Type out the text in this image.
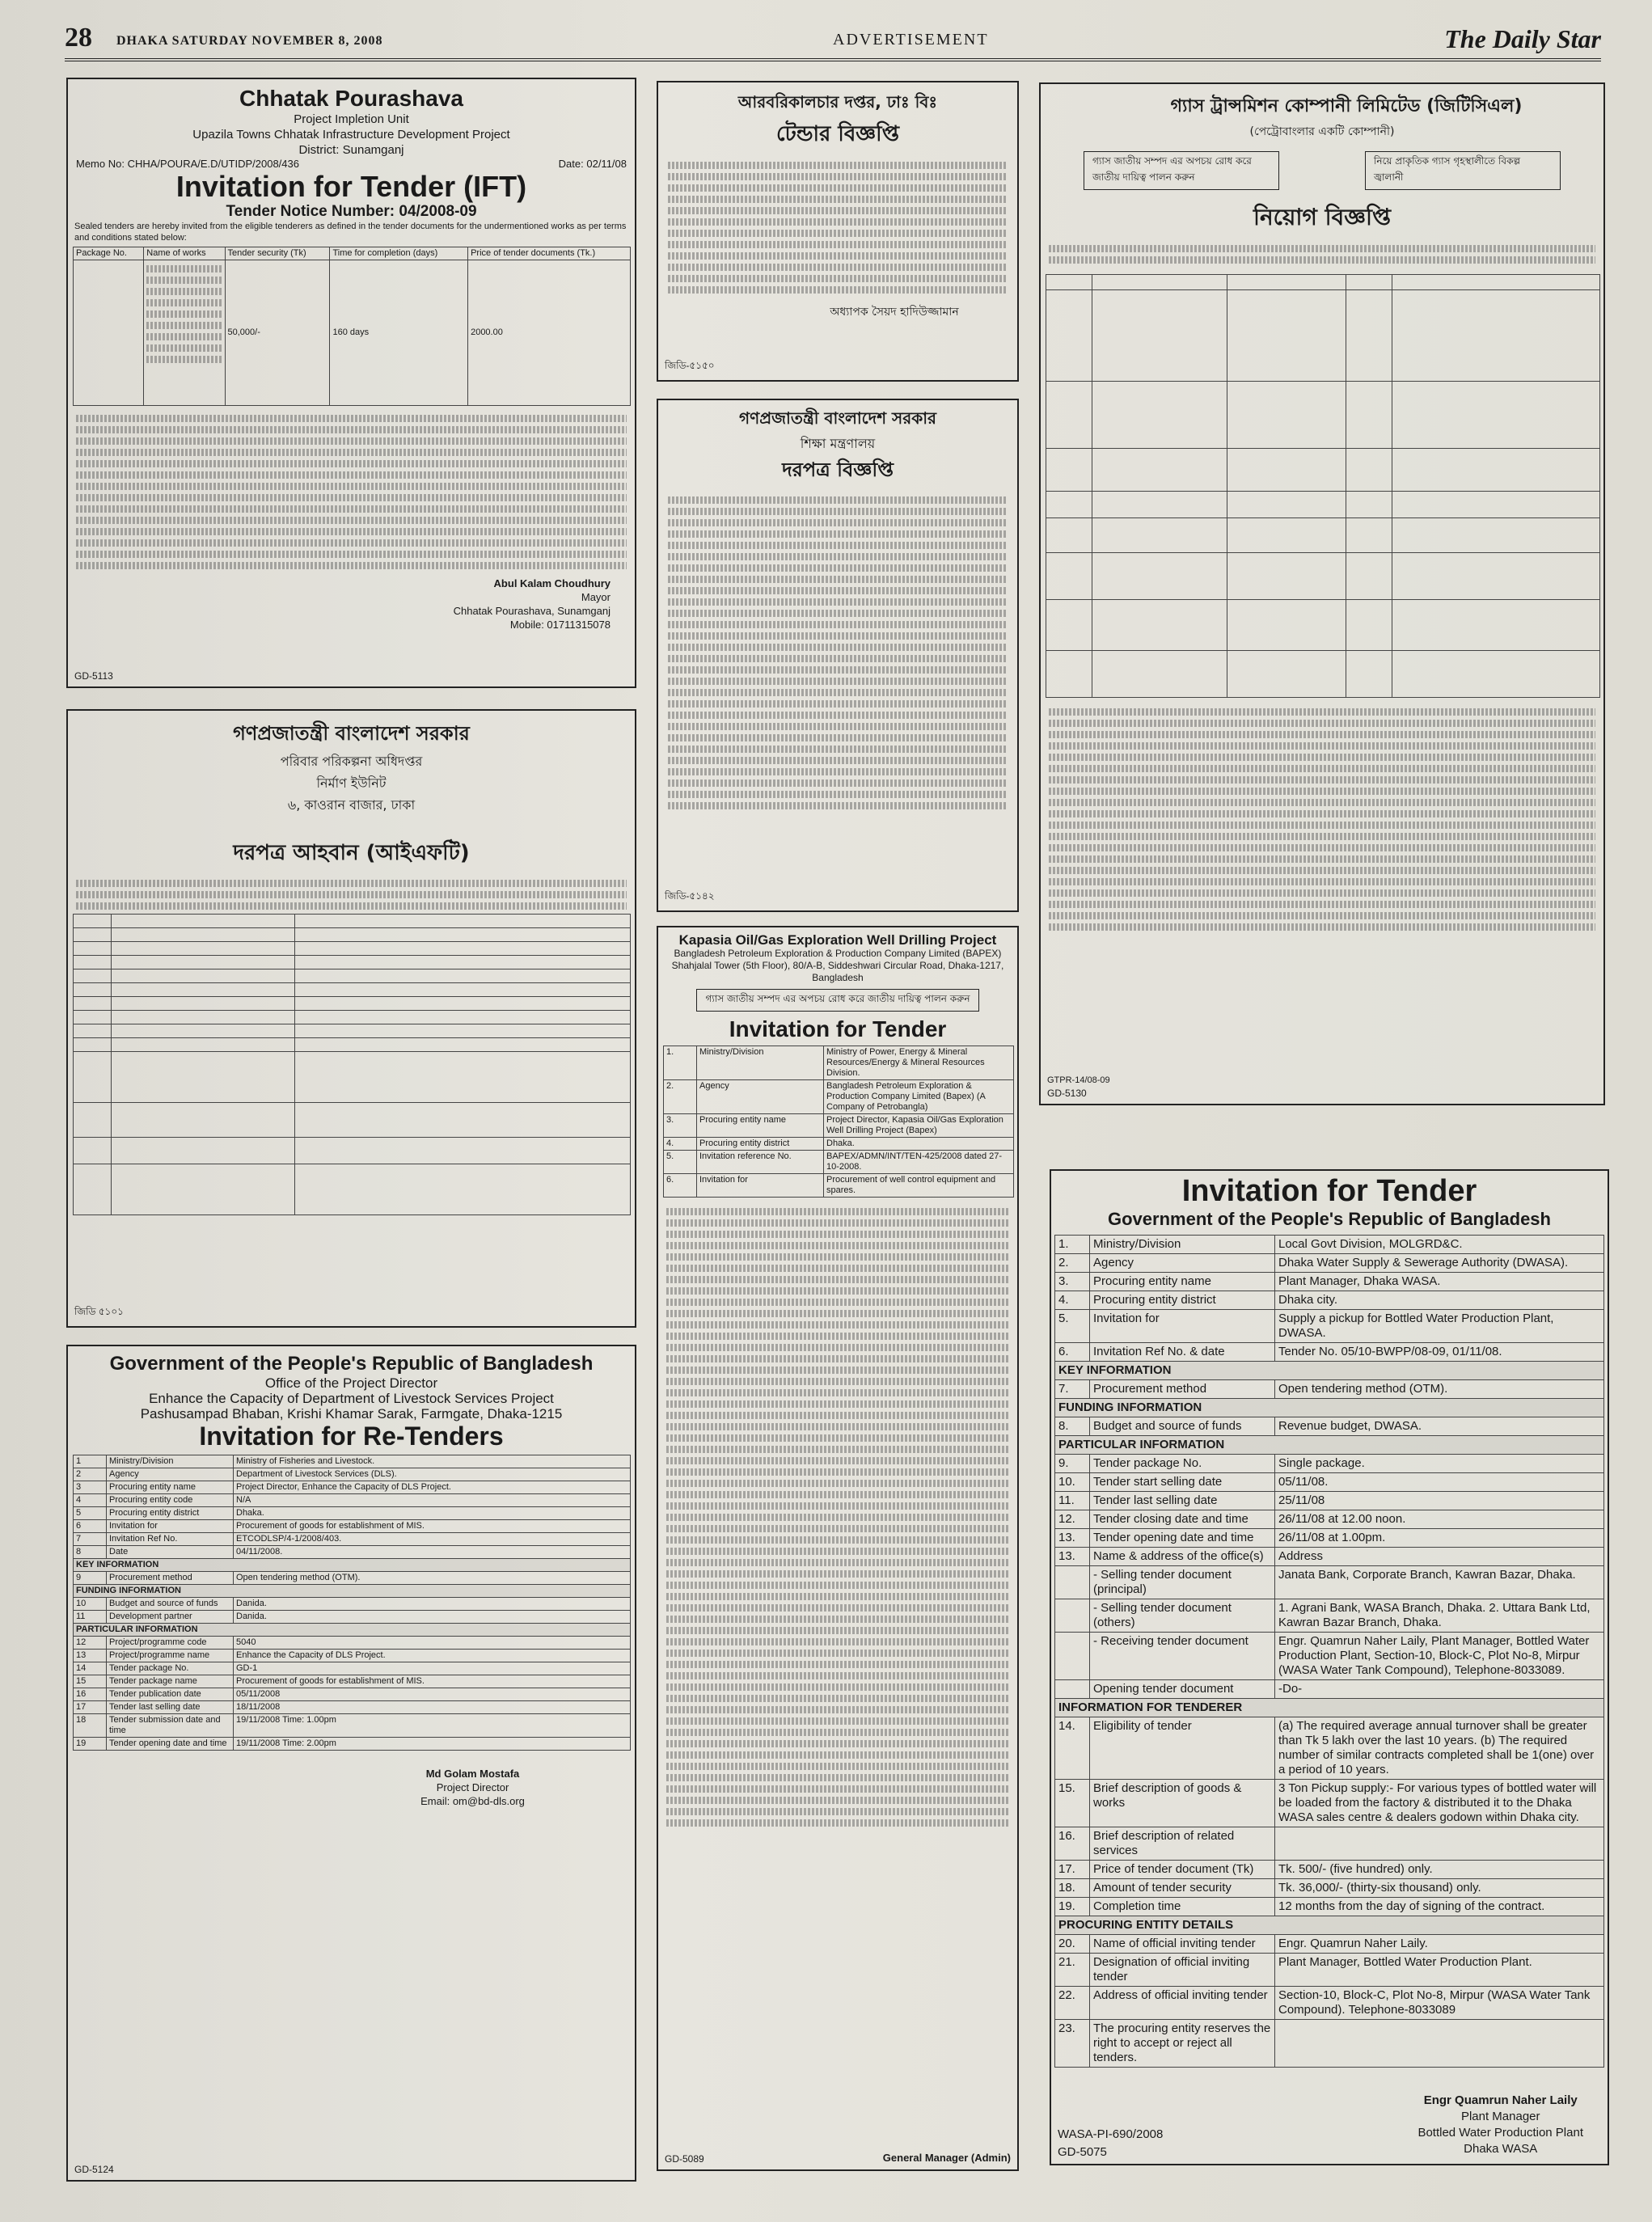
28 DHAKA SATURDAY NOVEMBER 8, 2008	ADVERTISEMENT	The Daily Star
Chhatak Pourashava
Project Impletion Unit
Upazila Towns Chhatak Infrastructure Development Project
District: Sunamganj
Memo No: CHHA/POURA/E.D/UTIDP/2008/436	Date: 02/11/08
Invitation for Tender (IFT)
Tender Notice Number: 04/2008-09
Sealed tenders are hereby invited from the eligible tenderers as defined in the tender documents for the undermentioned works as per terms and conditions stated below:
Package No.	Name of works	Tender security (Tk)	Time for completion (days)	Price of tender documents (Tk.)

	50,000/-	160 days	2000.00
Abul Kalam Choudhury
Mayor
Chhatak Pourashava, Sunamganj
Mobile: 01711315078
GD-5113
গণপ্রজাতন্ত্রী বাংলাদেশ সরকার
পরিবার পরিকল্পনা অধিদপ্তর
নির্মাণ ইউনিট
৬, কাওরান বাজার, ঢাকা
দরপত্র আহবান (আইএফটি)

জিডি ৫১০১
Government of the People's Republic of Bangladesh
Office of the Project Director
Enhance the Capacity of Department of Livestock Services Project
Pashusampad Bhaban, Krishi Khamar Sarak, Farmgate, Dhaka-1215
Invitation for Re-Tenders
1	Ministry/Division	Ministry of Fisheries and Livestock.
2	Agency	Department of Livestock Services (DLS).
3	Procuring entity name	Project Director, Enhance the Capacity of DLS Project.
4	Procuring entity code	N/A
5	Procuring entity district	Dhaka.
6	Invitation for	Procurement of goods for establishment of MIS.
7	Invitation Ref No.	ETCODLSP/4-1/2008/403.
8	Date	04/11/2008.
KEY INFORMATION		
9	Procurement method	Open tendering method (OTM).
FUNDING INFORMATION		
10	Budget and source of funds	Danida.
11	Development partner	Danida.
PARTICULAR INFORMATION		
12	Project/programme code	5040
13	Project/programme name	Enhance the Capacity of DLS Project.
14	Tender package No.	GD-1
15	Tender package name	Procurement of goods for establishment of MIS.
16	Tender publication date	05/11/2008
17	Tender last selling date	18/11/2008
18	Tender submission date and time	19/11/2008 Time: 1.00pm
19	Tender opening date and time	19/11/2008 Time: 2.00pm
Md Golam Mostafa
Project Director
Email: om@bd-dls.org
GD-5124
আরবরিকালচার দপ্তর, ঢাঃ বিঃ
টেন্ডার বিজ্ঞপ্তি
অধ্যাপক সৈয়দ হাদিউজ্জামান
জিডি-৫১৫০
গণপ্রজাতন্ত্রী বাংলাদেশ সরকার
শিক্ষা মন্ত্রণালয়
দরপত্র বিজ্ঞপ্তি
জিডি-৫১৪২
Kapasia Oil/Gas Exploration Well Drilling Project
Bangladesh Petroleum Exploration & Production Company Limited (BAPEX)
Shahjalal Tower (5th Floor), 80/A-B, Siddeshwari Circular Road, Dhaka-1217, Bangladesh
গ্যাস জাতীয় সম্পদ এর অপচয় রোধ করে জাতীয় দায়িত্ব পালন করুন
Invitation for Tender
1.	Ministry/Division	Ministry of Power, Energy & Mineral Resources/Energy & Mineral Resources Division.
2.	Agency	Bangladesh Petroleum Exploration & Production Company Limited (Bapex) (A Company of Petrobangla)
3.	Procuring entity name	Project Director, Kapasia Oil/Gas Exploration Well Drilling Project (Bapex)
4.	Procuring entity district	Dhaka.
5.	Invitation reference No.	BAPEX/ADMN/INT/TEN-425/2008 dated 27-10-2008.
6.	Invitation for	Procurement of well control equipment and spares.
General Manager (Admin)
GD-5089
গ্যাস ট্রান্সমিশন কোম্পানী লিমিটেড (জিটিসিএল)
(পেট্রোবাংলার একটি কোম্পানী)
গ্যাস জাতীয় সম্পদ এর অপচয় রোধ করে জাতীয় দায়িত্ব পালন করুন
নিয়ে প্রাকৃতিক গ্যাস গৃহস্থালীতে বিকল্প জ্বালানী
নিয়োগ বিজ্ঞপ্তি

GTPR-14/08-09
GD-5130
Invitation for Tender
Government of the People's Republic of Bangladesh
1.	Ministry/Division	Local Govt Division, MOLGRD&C.
2.	Agency	Dhaka Water Supply & Sewerage Authority (DWASA).
3.	Procuring entity name	Plant Manager, Dhaka WASA.
4.	Procuring entity district	Dhaka city.
5.	Invitation for	Supply a pickup for Bottled Water Production Plant, DWASA.
6.	Invitation Ref No. & date	Tender No. 05/10-BWPP/08-09, 01/11/08.
KEY INFORMATION		
7.	Procurement method	Open tendering method (OTM).
FUNDING INFORMATION		
8.	Budget and source of funds	Revenue budget, DWASA.
PARTICULAR INFORMATION		
9.	Tender package No.	Single package.
10.	Tender start selling date	05/11/08.
11.	Tender last selling date	25/11/08
12.	Tender closing date and time	26/11/08 at 12.00 noon.
13.	Tender opening date and time	26/11/08 at 1.00pm.
13.	Name & address of the office(s)	Address
	- Selling tender document (principal)	Janata Bank, Corporate Branch, Kawran Bazar, Dhaka.
	- Selling tender document (others)	1. Agrani Bank, WASA Branch, Dhaka. 2. Uttara Bank Ltd, Kawran Bazar Branch, Dhaka.
	- Receiving tender document	Engr. Quamrun Naher Laily, Plant Manager, Bottled Water Production Plant, Section-10, Block-C, Plot No-8, Mirpur (WASA Water Tank Compound), Telephone-8033089.
	Opening tender document	-Do-
INFORMATION FOR TENDERER		
14.	Eligibility of tender	(a) The required average annual turnover shall be greater than Tk 5 lakh over the last 10 years. (b) The required number of similar contracts completed shall be 1(one) over a period of 10 years.
15.	Brief description of goods & works	3 Ton Pickup supply:- For various types of bottled water will be loaded from the factory & distributed it to the Dhaka WASA sales centre & dealers godown within Dhaka city.
16.	Brief description of related services	
17.	Price of tender document (Tk)	Tk. 500/- (five hundred) only.
18.	Amount of tender security	Tk. 36,000/- (thirty-six thousand) only.
19.	Completion time	12 months from the day of signing of the contract.
PROCURING ENTITY DETAILS		
20.	Name of official inviting tender	Engr. Quamrun Naher Laily.
21.	Designation of official inviting tender	Plant Manager, Bottled Water Production Plant.
22.	Address of official inviting tender	Section-10, Block-C, Plot No-8, Mirpur (WASA Water Tank Compound). Telephone-8033089
23.	The procuring entity reserves the right to accept or reject all tenders.	
Engr Quamrun Naher Laily
Plant Manager
Bottled Water Production Plant
Dhaka WASA
WASA-PI-690/2008
GD-5075
